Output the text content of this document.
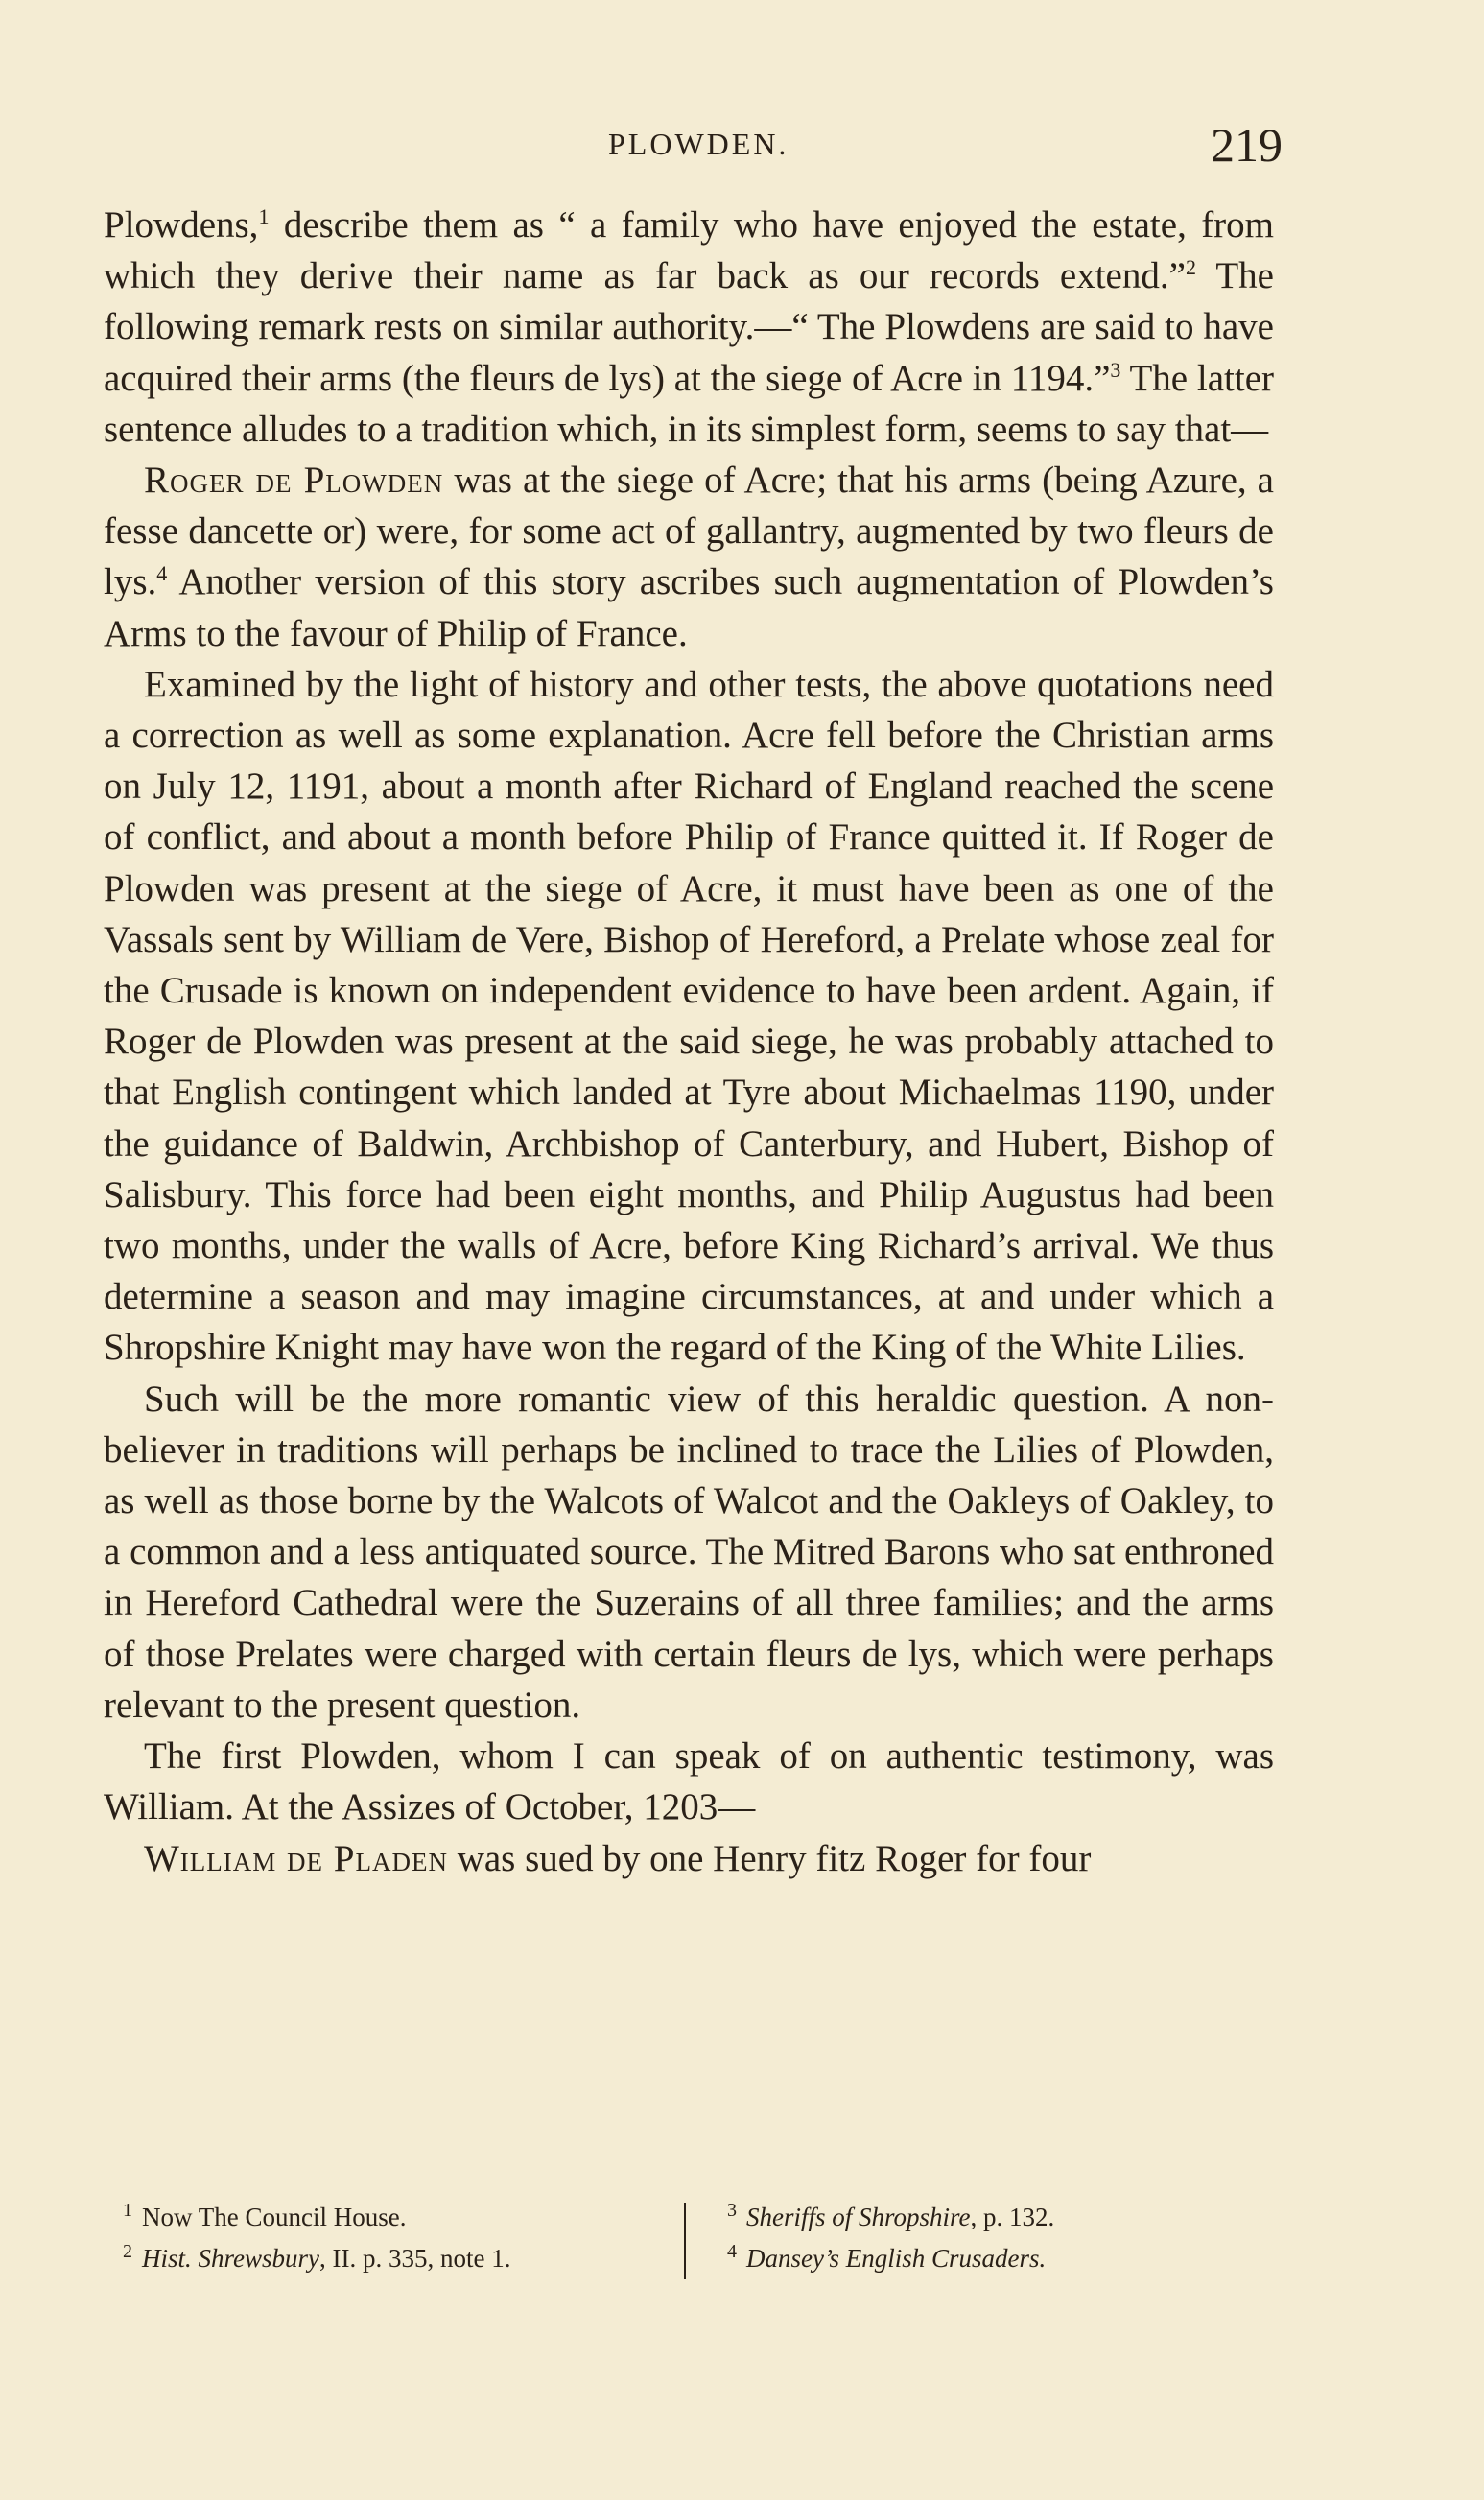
PLOWDEN.	219

Plowdens,$^1$ describe them as “ a family who have enjoyed the estate, from which they derive their name as far back as our records extend.”$^2$ The following remark rests on similar authority.—“ The Plowdens are said to have acquired their arms (the fleurs de lys) at the siege of Acre in 1194.”$^3$ The latter sentence alludes to a tradition which, in its simplest form, seems to say that—

Roger de Plowden was at the siege of Acre; that his arms (being Azure, a fesse dancette or) were, for some act of gallantry, augmented by two fleurs de lys.$^4$ Another version of this story ascribes such augmentation of Plowden’s Arms to the favour of Philip of France.

Examined by the light of history and other tests, the above quotations need a correction as well as some explanation. Acre fell before the Christian arms on July 12, 1191, about a month after Richard of England reached the scene of conflict, and about a month before Philip of France quitted it. If Roger de Plowden was present at the siege of Acre, it must have been as one of the Vassals sent by William de Vere, Bishop of Hereford, a Prelate whose zeal for the Crusade is known on independent evidence to have been ardent. Again, if Roger de Plowden was present at the said siege, he was probably attached to that English contingent which landed at Tyre about Michaelmas 1190, under the guidance of Baldwin, Archbishop of Canterbury, and Hubert, Bishop of Salisbury. This force had been eight months, and Philip Augustus had been two months, under the walls of Acre, before King Richard’s arrival. We thus determine a season and may imagine circumstances, at and under which a Shropshire Knight may have won the regard of the King of the White Lilies.

Such will be the more romantic view of this heraldic question. A non-believer in traditions will perhaps be inclined to trace the Lilies of Plowden, as well as those borne by the Walcots of Walcot and the Oakleys of Oakley, to a common and a less antiquated source. The Mitred Barons who sat enthroned in Hereford Cathedral were the Suzerains of all three families; and the arms of those Prelates were charged with certain fleurs de lys, which were perhaps relevant to the present question.

The first Plowden, whom I can speak of on authentic testimony, was William. At the Assizes of October, 1203—

William de Pladen was sued by one Henry fitz Roger for four

$^1$ Now The Council House.
$^2$ Hist. Shrewsbury, II. p. 335, note 1.
$^3$ Sheriffs of Shropshire, p. 132.
$^4$ Dansey’s English Crusaders.
